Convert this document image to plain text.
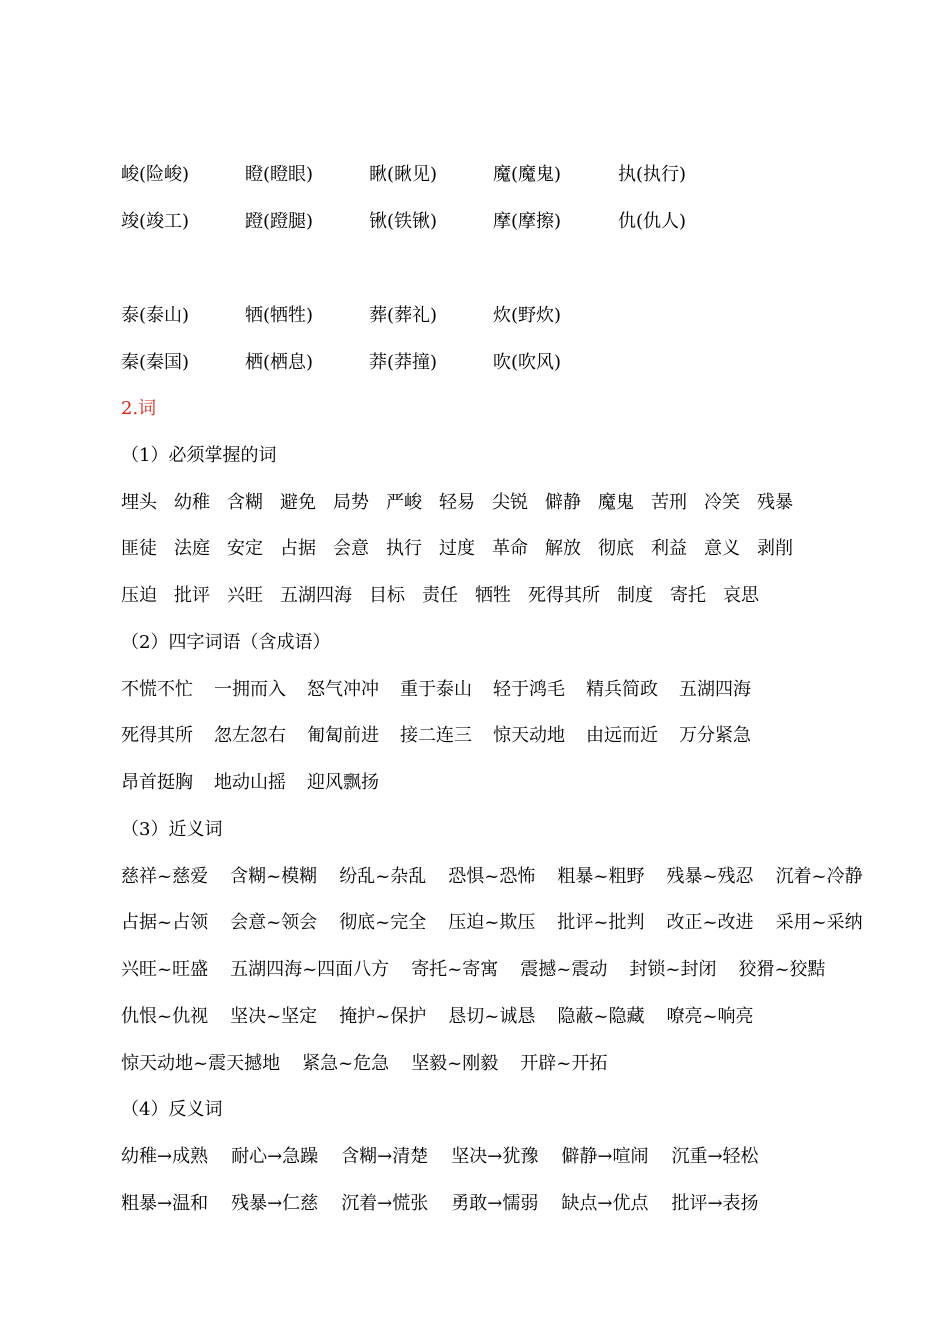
峻(险峻)	瞪(瞪眼)	瞅(瞅见)	魔(魔鬼)	执(执行)
竣(竣工)	蹬(蹬腿)	锹(铁锹)	摩(摩擦)	仇(仇人)
泰(泰山)	牺(牺牲)	葬(葬礼)	炊(野炊)
秦(秦国)	栖(栖息)	莽(莽撞)	吹(吹风)
2.词
（1）必须掌握的词
埋头 幼稚 含糊 避免 局势 严峻 轻易 尖锐 僻静 魔鬼 苦刑 冷笑 残暴
匪徒 法庭 安定 占据 会意 执行 过度 革命 解放 彻底 利益 意义 剥削
压迫 批评 兴旺 五湖四海 目标 责任 牺牲 死得其所 制度 寄托 哀思
（2）四字词语（含成语）
不慌不忙 一拥而入 怒气冲冲 重于泰山 轻于鸿毛 精兵简政 五湖四海
死得其所 忽左忽右 匍匐前进 接二连三 惊天动地 由远而近 万分紧急
昂首挺胸 地动山摇 迎风飘扬
（3）近义词
慈祥~慈爱 含糊~模糊 纷乱~杂乱 恐惧~恐怖 粗暴~粗野 残暴~残忍 沉着~冷静
占据~占领 会意~领会 彻底~完全 压迫~欺压 批评~批判 改正~改进 采用~采纳
兴旺~旺盛 五湖四海~四面八方 寄托~寄寓 震撼~震动 封锁~封闭 狡猾~狡黠
仇恨~仇视 坚决~坚定 掩护~保护 恳切~诚恳 隐蔽~隐藏 嘹亮~响亮
惊天动地~震天撼地 紧急~危急 坚毅~刚毅 开辟~开拓
（4）反义词
幼稚→成熟 耐心→急躁 含糊→清楚 坚决→犹豫 僻静→喧闹 沉重→轻松
粗暴→温和 残暴→仁慈 沉着→慌张 勇敢→懦弱 缺点→优点 批评→表扬
